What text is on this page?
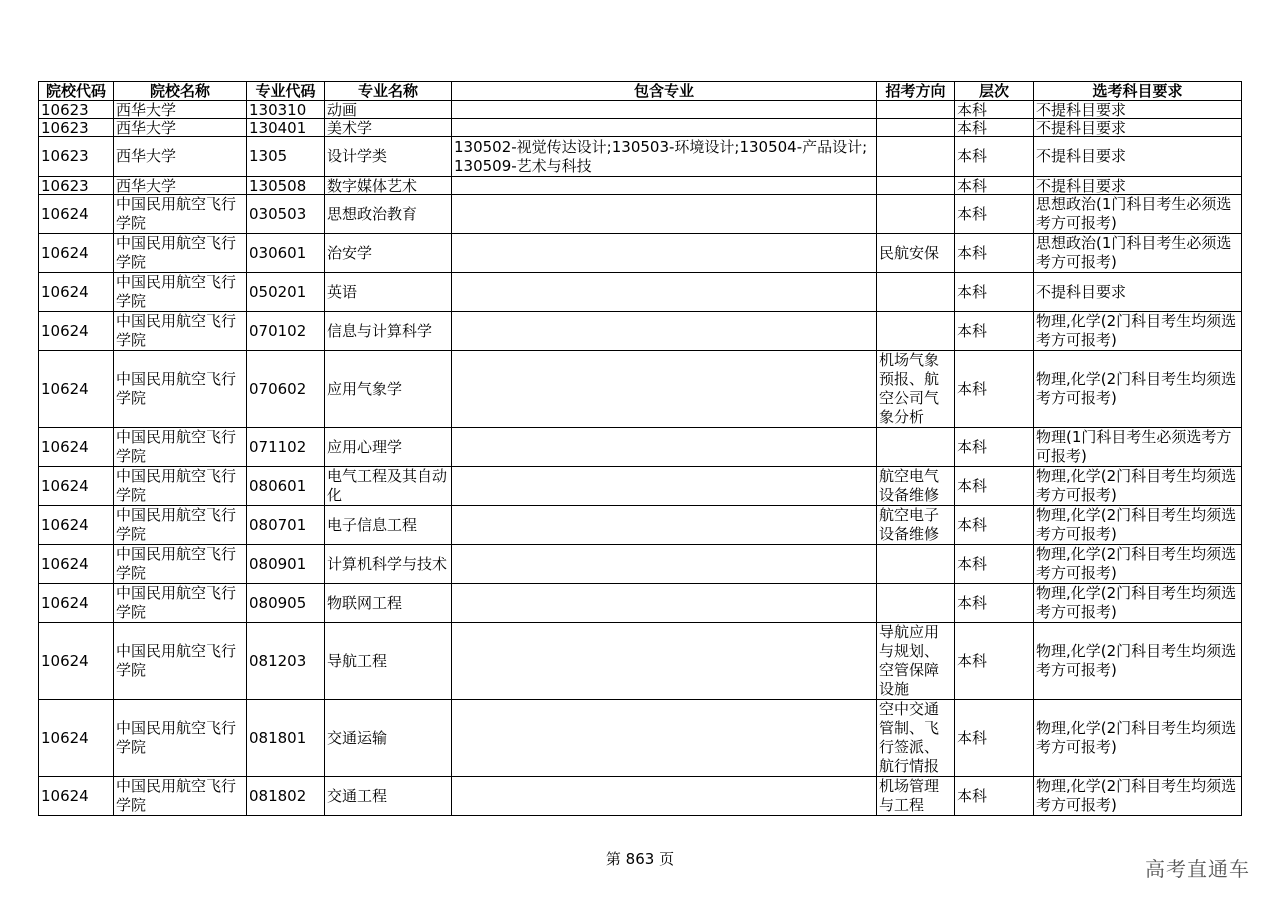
院校代码	院校名称	专业代码	专业名称	包含专业	招考方向	层次	选考科目要求
10623	西华大学	130310	动画			本科	不提科目要求
10623	西华大学	130401	美术学			本科	不提科目要求
10623	西华大学	1305	设计学类	130502-视觉传达设计;130503-环境设计;130504-产品设计;130509-艺术与科技		本科	不提科目要求
10623	西华大学	130508	数字媒体艺术			本科	不提科目要求
10624	中国民用航空飞行学院	030503	思想政治教育			本科	思想政治(1门科目考生必须选考方可报考)
10624	中国民用航空飞行学院	030601	治安学		民航安保	本科	思想政治(1门科目考生必须选考方可报考)
10624	中国民用航空飞行学院	050201	英语			本科	不提科目要求
10624	中国民用航空飞行学院	070102	信息与计算科学			本科	物理,化学(2门科目考生均须选考方可报考)
10624	中国民用航空飞行学院	070602	应用气象学		机场气象预报、航空公司气象分析	本科	物理,化学(2门科目考生均须选考方可报考)
10624	中国民用航空飞行学院	071102	应用心理学			本科	物理(1门科目考生必须选考方可报考)
10624	中国民用航空飞行学院	080601	电气工程及其自动化		航空电气设备维修	本科	物理,化学(2门科目考生均须选考方可报考)
10624	中国民用航空飞行学院	080701	电子信息工程		航空电子设备维修	本科	物理,化学(2门科目考生均须选考方可报考)
10624	中国民用航空飞行学院	080901	计算机科学与技术			本科	物理,化学(2门科目考生均须选考方可报考)
10624	中国民用航空飞行学院	080905	物联网工程			本科	物理,化学(2门科目考生均须选考方可报考)
10624	中国民用航空飞行学院	081203	导航工程		导航应用与规划、空管保障设施	本科	物理,化学(2门科目考生均须选考方可报考)
10624	中国民用航空飞行学院	081801	交通运输		空中交通管制、飞行签派、航行情报	本科	物理,化学(2门科目考生均须选考方可报考)
10624	中国民用航空飞行学院	081802	交通工程		机场管理与工程	本科	物理,化学(2门科目考生均须选考方可报考)
第 863 页	高考直通车
